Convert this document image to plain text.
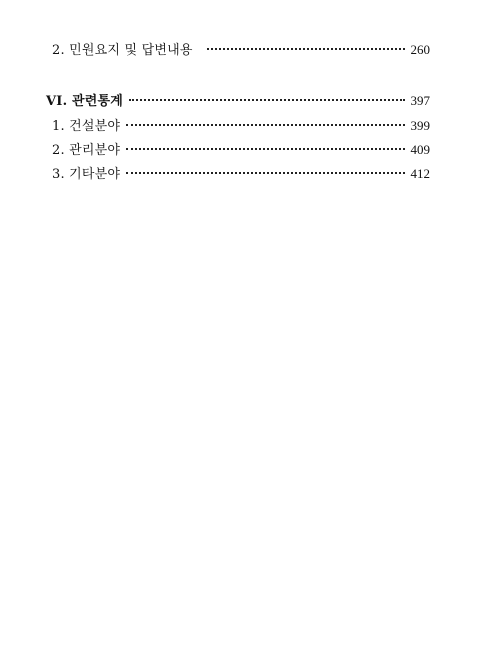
2. 민원요지 및 답변내용	260
VI. 관련통계	397
1. 건설분야	399
2. 관리분야	409
3. 기타분야	412
